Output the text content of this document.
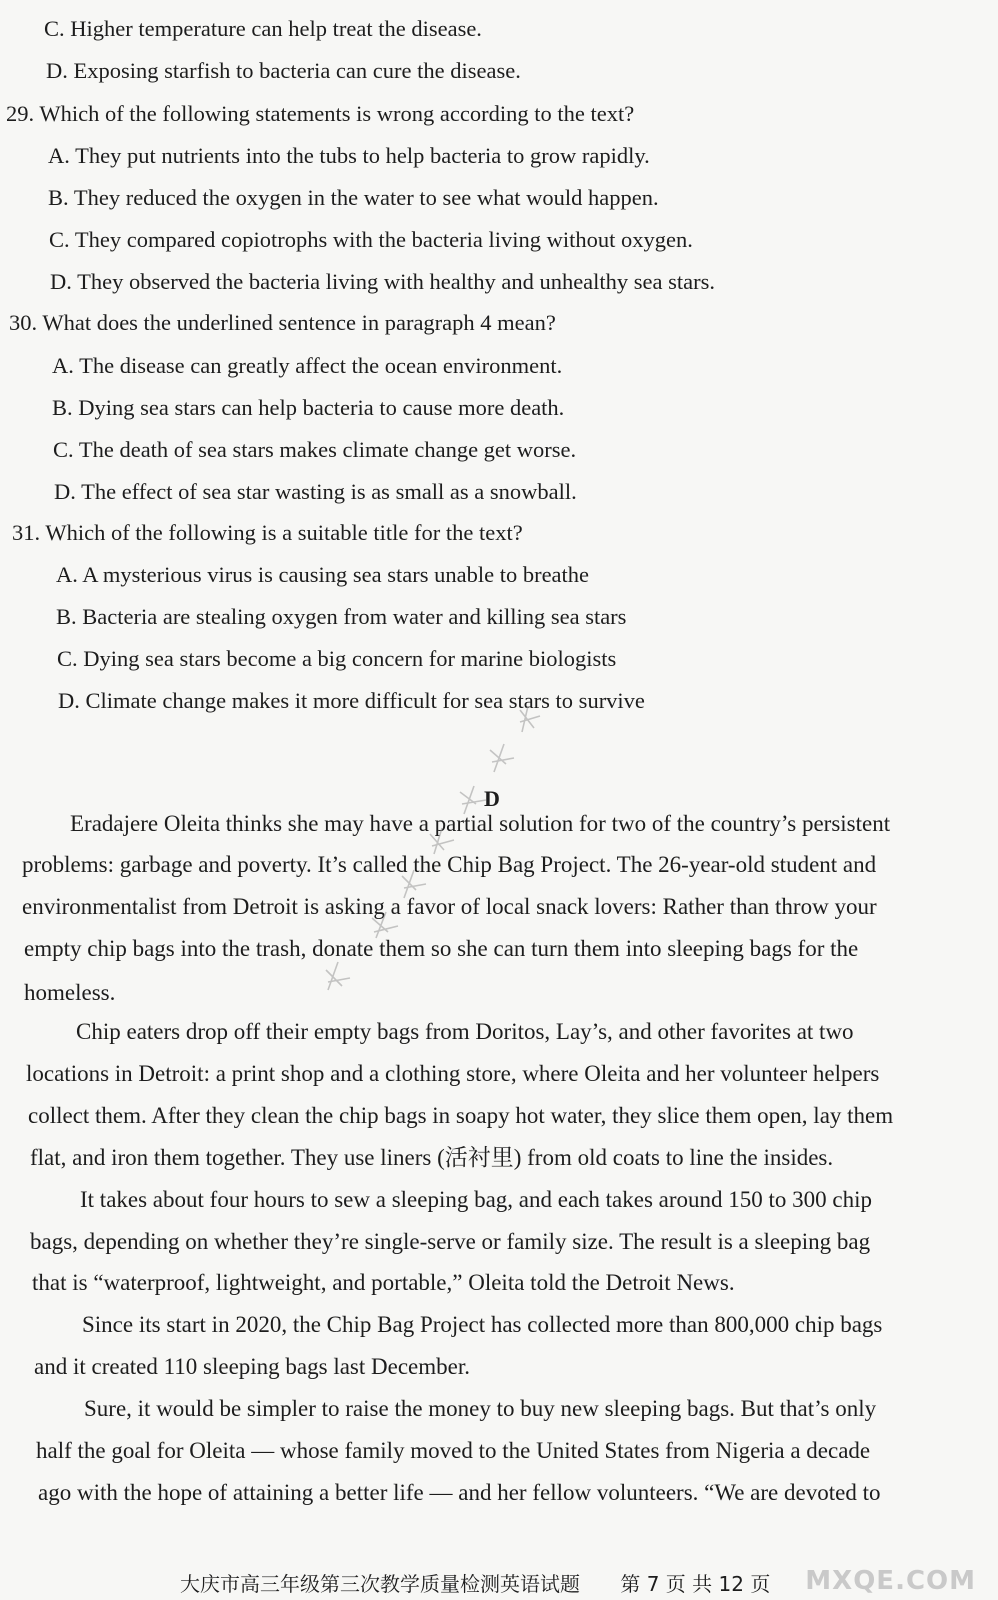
C. Higher temperature can help treat the disease.
D. Exposing starfish to bacteria can cure the disease.
29. Which of the following statements is wrong according to the text?
A. They put nutrients into the tubs to help bacteria to grow rapidly.
B. They reduced the oxygen in the water to see what would happen.
C. They compared copiotrophs with the bacteria living without oxygen.
D. They observed the bacteria living with healthy and unhealthy sea stars.
30. What does the underlined sentence in paragraph 4 mean?
A. The disease can greatly affect the ocean environment.
B. Dying sea stars can help bacteria to cause more death.
C. The death of sea stars makes climate change get worse.
D. The effect of sea star wasting is as small as a snowball.
31. Which of the following is a suitable title for the text?
A. A mysterious virus is causing sea stars unable to breathe
B. Bacteria are stealing oxygen from water and killing sea stars
C. Dying sea stars become a big concern for marine biologists
D. Climate change makes it more difficult for sea stars to survive
D
Eradajere Oleita thinks she may have a partial solution for two of the country’s persistent
problems: garbage and poverty. It’s called the Chip Bag Project. The 26-year-old student and
environmentalist from Detroit is asking a favor of local snack lovers: Rather than throw your
empty chip bags into the trash, donate them so she can turn them into sleeping bags for the
homeless.
Chip eaters drop off their empty bags from Doritos, Lay’s, and other favorites at two
locations in Detroit: a print shop and a clothing store, where Oleita and her volunteer helpers
collect them. After they clean the chip bags in soapy hot water, they slice them open, lay them
flat, and iron them together. They use liners (活衬里) from old coats to line the insides.
It takes about four hours to sew a sleeping bag, and each takes around 150 to 300 chip
bags, depending on whether they’re single-serve or family size. The result is a sleeping bag
that is “waterproof, lightweight, and portable,” Oleita told the Detroit News.
Since its start in 2020, the Chip Bag Project has collected more than 800,000 chip bags
and it created 110 sleeping bags last December.
Sure, it would be simpler to raise the money to buy new sleeping bags. But that’s only
half the goal for Oleita — whose family moved to the United States from Nigeria a decade
ago with the hope of attaining a better life — and her fellow volunteers. “We are devoted to
大庆市高三年级第三次教学质量检测英语试题 第 7 页 共 12 页 MXQE.COM
